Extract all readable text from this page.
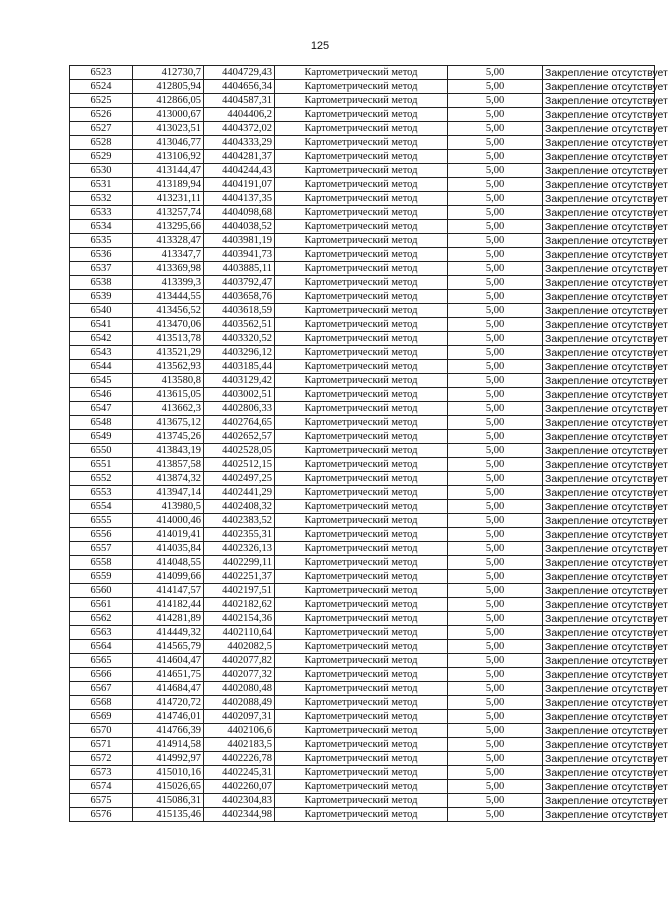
125
6523	412730,7	4404729,43	Картометрический метод	5,00	Закрепление отсутствует
6524	412805,94	4404656,34	Картометрический метод	5,00	Закрепление отсутствует
6525	412866,05	4404587,31	Картометрический метод	5,00	Закрепление отсутствует
6526	413000,67	4404406,2	Картометрический метод	5,00	Закрепление отсутствует
6527	413023,51	4404372,02	Картометрический метод	5,00	Закрепление отсутствует
6528	413046,77	4404333,29	Картометрический метод	5,00	Закрепление отсутствует
6529	413106,92	4404281,37	Картометрический метод	5,00	Закрепление отсутствует
6530	413144,47	4404244,43	Картометрический метод	5,00	Закрепление отсутствует
6531	413189,94	4404191,07	Картометрический метод	5,00	Закрепление отсутствует
6532	413231,11	4404137,35	Картометрический метод	5,00	Закрепление отсутствует
6533	413257,74	4404098,68	Картометрический метод	5,00	Закрепление отсутствует
6534	413295,66	4404038,52	Картометрический метод	5,00	Закрепление отсутствует
6535	413328,47	4403981,19	Картометрический метод	5,00	Закрепление отсутствует
6536	413347,7	4403941,73	Картометрический метод	5,00	Закрепление отсутствует
6537	413369,98	4403885,11	Картометрический метод	5,00	Закрепление отсутствует
6538	413399,3	4403792,47	Картометрический метод	5,00	Закрепление отсутствует
6539	413444,55	4403658,76	Картометрический метод	5,00	Закрепление отсутствует
6540	413456,52	4403618,59	Картометрический метод	5,00	Закрепление отсутствует
6541	413470,06	4403562,51	Картометрический метод	5,00	Закрепление отсутствует
6542	413513,78	4403320,52	Картометрический метод	5,00	Закрепление отсутствует
6543	413521,29	4403296,12	Картометрический метод	5,00	Закрепление отсутствует
6544	413562,93	4403185,44	Картометрический метод	5,00	Закрепление отсутствует
6545	413580,8	4403129,42	Картометрический метод	5,00	Закрепление отсутствует
6546	413615,05	4403002,51	Картометрический метод	5,00	Закрепление отсутствует
6547	413662,3	4402806,33	Картометрический метод	5,00	Закрепление отсутствует
6548	413675,12	4402764,65	Картометрический метод	5,00	Закрепление отсутствует
6549	413745,26	4402652,57	Картометрический метод	5,00	Закрепление отсутствует
6550	413843,19	4402528,05	Картометрический метод	5,00	Закрепление отсутствует
6551	413857,58	4402512,15	Картометрический метод	5,00	Закрепление отсутствует
6552	413874,32	4402497,25	Картометрический метод	5,00	Закрепление отсутствует
6553	413947,14	4402441,29	Картометрический метод	5,00	Закрепление отсутствует
6554	413980,5	4402408,32	Картометрический метод	5,00	Закрепление отсутствует
6555	414000,46	4402383,52	Картометрический метод	5,00	Закрепление отсутствует
6556	414019,41	4402355,31	Картометрический метод	5,00	Закрепление отсутствует
6557	414035,84	4402326,13	Картометрический метод	5,00	Закрепление отсутствует
6558	414048,55	4402299,11	Картометрический метод	5,00	Закрепление отсутствует
6559	414099,66	4402251,37	Картометрический метод	5,00	Закрепление отсутствует
6560	414147,57	4402197,51	Картометрический метод	5,00	Закрепление отсутствует
6561	414182,44	4402182,62	Картометрический метод	5,00	Закрепление отсутствует
6562	414281,89	4402154,36	Картометрический метод	5,00	Закрепление отсутствует
6563	414449,32	4402110,64	Картометрический метод	5,00	Закрепление отсутствует
6564	414565,79	4402082,5	Картометрический метод	5,00	Закрепление отсутствует
6565	414604,47	4402077,82	Картометрический метод	5,00	Закрепление отсутствует
6566	414651,75	4402077,32	Картометрический метод	5,00	Закрепление отсутствует
6567	414684,47	4402080,48	Картометрический метод	5,00	Закрепление отсутствует
6568	414720,72	4402088,49	Картометрический метод	5,00	Закрепление отсутствует
6569	414746,01	4402097,31	Картометрический метод	5,00	Закрепление отсутствует
6570	414766,39	4402106,6	Картометрический метод	5,00	Закрепление отсутствует
6571	414914,58	4402183,5	Картометрический метод	5,00	Закрепление отсутствует
6572	414992,97	4402226,78	Картометрический метод	5,00	Закрепление отсутствует
6573	415010,16	4402245,31	Картометрический метод	5,00	Закрепление отсутствует
6574	415026,65	4402260,07	Картометрический метод	5,00	Закрепление отсутствует
6575	415086,31	4402304,83	Картометрический метод	5,00	Закрепление отсутствует
6576	415135,46	4402344,98	Картометрический метод	5,00	Закрепление отсутствует
